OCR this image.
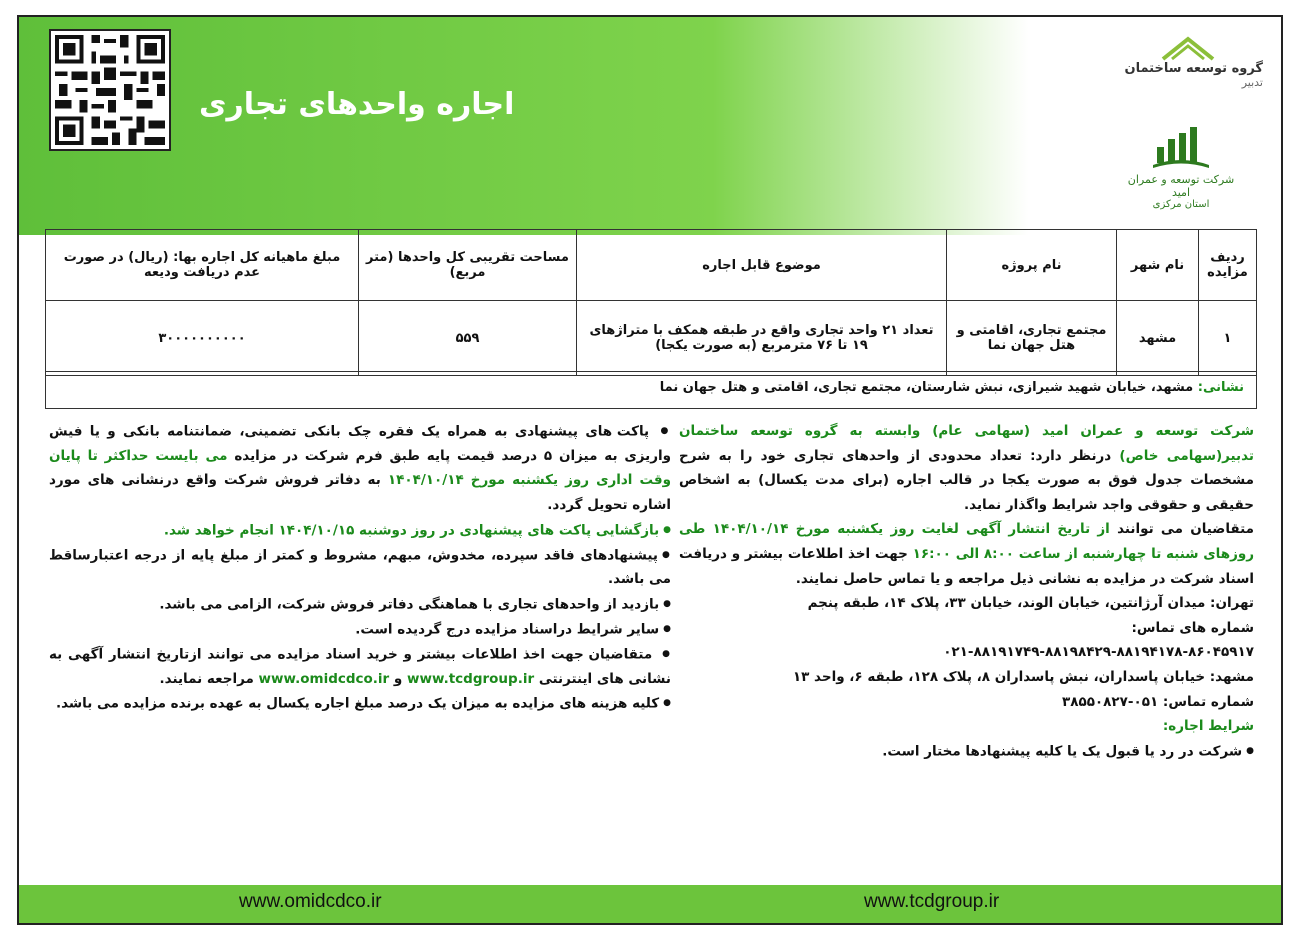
اجاره واحدهای تجاری
گروه توسعه ساختمان
تدبیر
شرکت توسعه و عمران امید
استان مرکزی
ردیف مزایده	نام شهر	نام پروژه	موضوع قابل اجاره	مساحت تقریبی کل واحدها (متر مربع)	مبلغ ماهیانه کل اجاره بها: (ریال) در صورت عدم دریافت ودیعه
۱	مشهد	مجتمع تجاری، اقامتی و هتل جهان نما	تعداد ۲۱ واحد تجاری واقع در طبقه همکف با متراژهای ۱۹ تا ۷۶ مترمربع (به صورت یکجا)	۵۵۹	۳۰۰۰۰۰۰۰۰۰۰
نشانی: مشهد، خیابان شهید شیرازی، نبش شارستان، مجتمع تجاری، اقامتی و هتل جهان نما

شرکت توسعه و عمران امید (سهامی عام) وابسته به گروه توسعه ساختمان تدبیر(سهامی خاص) درنظر دارد: تعداد محدودی از واحدهای تجاری خود را به شرح مشخصات جدول فوق به صورت یکجا در قالب اجاره (برای مدت یکسال) به اشخاص حقیقی و حقوقی واجد شرایط واگذار نماید.

متقاضیان می توانند از تاریخ انتشار آگهی لغایت روز یکشنبه مورخ ۱۴۰۴/۱۰/۱۴ طی روزهای شنبه تا چهارشنبه از ساعت ۸:۰۰ الی ۱۶:۰۰ جهت اخذ اطلاعات بیشتر و دریافت اسناد شرکت در مزایده به نشانی ذیل مراجعه و یا تماس حاصل نمایند.

تهران: میدان آرژانتین، خیابان الوند، خیابان ۳۳، پلاک ۱۴، طبقه پنجم

شماره های تماس:

۰۲۱-۸۸۱۹۱۷۴۹-۸۸۱۹۸۴۲۹-۸۸۱۹۴۱۷۸-۸۶۰۴۵۹۱۷

مشهد: خیابان پاسداران، نبش پاسداران ۸، پلاک ۱۲۸، طبقه ۶، واحد ۱۳

شماره تماس: ۰۵۱-۳۸۵۵۰۸۲۷

شرایط اجاره:

● شرکت در رد یا قبول یک یا کلیه پیشنهادها مختار است.

● پاکت های پیشنهادی به همراه یک فقره چک بانکی تضمینی، ضمانتنامه بانکی و یا فیش واریزی به میزان ۵ درصد قیمت پایه طبق فرم شرکت در مزایده می بایست حداکثر تا پایان وقت اداری روز یکشنبه مورخ ۱۴۰۴/۱۰/۱۴ به دفاتر فروش شرکت واقع درنشانی های مورد اشاره تحویل گردد.

● بازگشایی پاکت های پیشنهادی در روز دوشنبه ۱۴۰۴/۱۰/۱۵ انجام خواهد شد.

● پیشنهادهای فاقد سپرده، مخدوش، مبهم، مشروط و کمتر از مبلغ پایه از درجه اعتبارساقط می باشد.

● بازدید از واحدهای تجاری با هماهنگی دفاتر فروش شرکت، الزامی می باشد.

● سایر شرایط دراسناد مزایده درج گردیده است.

● متقاضیان جهت اخذ اطلاعات بیشتر و خرید اسناد مزایده می توانند ازتاریخ انتشار آگهی به نشانی های اینترنتی www.tcdgroup.ir و www.omidcdco.ir مراجعه نمایند.

● کلیه هزینه های مزایده به میزان یک درصد مبلغ اجاره یکسال به عهده برنده مزایده می باشد.

www.omidcdco.ir	www.tcdgroup.ir
